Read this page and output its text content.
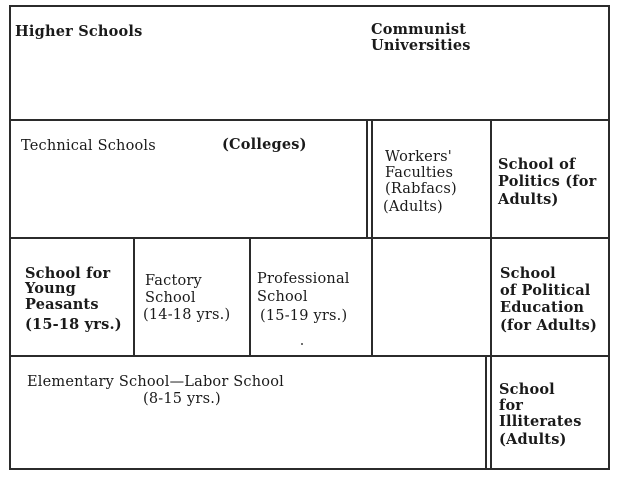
Higher Schools	Communist
Universities
Technical Schools	(Colleges)
Workers'
Faculties
(Rabfacs)
(Adults)
School of
Politics (for
Adults)
School for
Young
Peasants
(15-18 yrs.)
Factory
School
(14-18 yrs.)
Professional
School
(15-19 yrs.)
School
of Political
Education
(for Adults)
Elementary School—Labor School
(8-15 yrs.)
School
for
Illiterates
(Adults)
